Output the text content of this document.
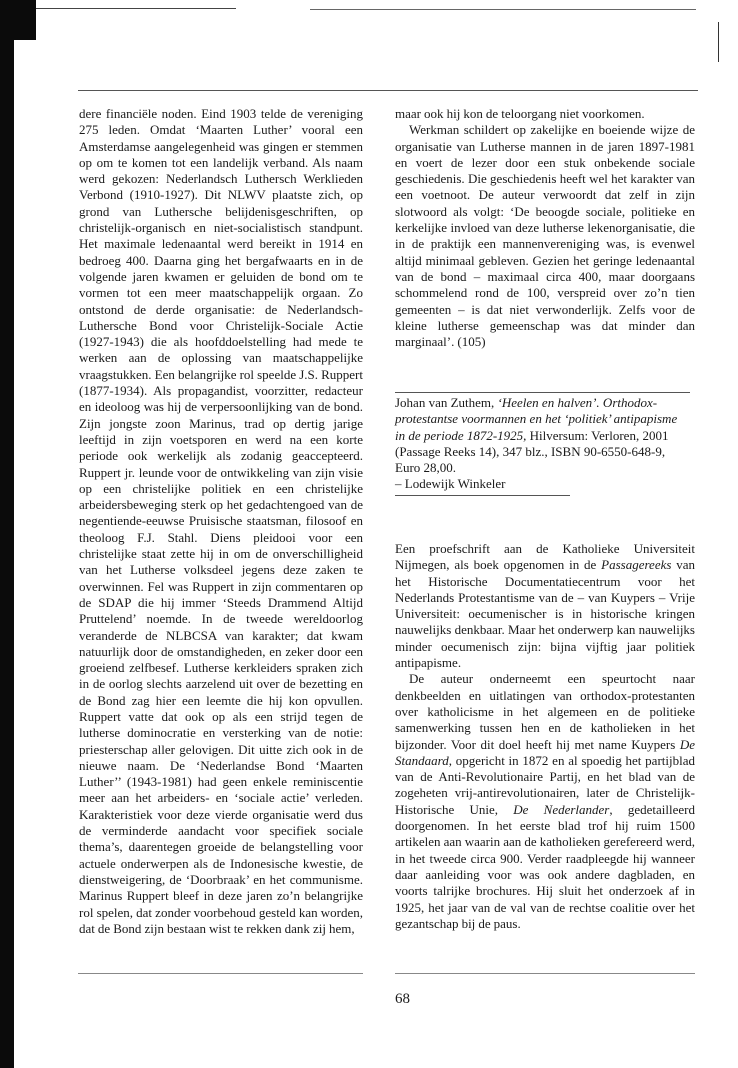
dere financiële noden. Eind 1903 telde de vereniging 275 leden. Omdat ‘Maarten Luther’ vooral een Amsterdamse aangelegenheid was gingen er stemmen op om te komen tot een landelijk verband. Als naam werd gekozen: Nederlandsch Luthersch Werklieden Verbond (1910-1927). Dit NLWV plaatste zich, op grond van Luthersche belijdenisgeschriften, op christelijk-organisch en niet-socialistisch standpunt. Het maximale ledenaantal werd bereikt in 1914 en bedroeg 400. Daarna ging het bergafwaarts en in de volgende jaren kwamen er geluiden de bond om te vormen tot een meer maatschappelijk orgaan. Zo ontstond de derde organisatie: de Nederlandsch-Luthersche Bond voor Christelijk-Sociale Actie (1927-1943) die als hoofddoelstelling had mede te werken aan de oplossing van maatschappelijke vraagstukken. Een belangrijke rol speelde J.S. Ruppert (1877-1934). Als propagandist, voorzitter, redacteur en ideoloog was hij de verpersoonlijking van de bond. Zijn jongste zoon Marinus, trad op dertig jarige leeftijd in zijn voetsporen en werd na een korte periode ook werkelijk als zodanig geaccepteerd. Ruppert jr. leunde voor de ontwikkeling van zijn visie op een christelijke politiek en een christelijke arbeidersbeweging sterk op het gedachtengoed van de negentiende-eeuwse Pruisische staatsman, filosoof en theoloog F.J. Stahl. Diens pleidooi voor een christelijke staat zette hij in om de onverschilligheid van het Lutherse volksdeel jegens deze zaken te overwinnen. Fel was Ruppert in zijn commentaren op de SDAP die hij immer ‘Steeds Drammend Altijd Pruttelend’ noemde. In de tweede wereldoorlog veranderde de NLBCSA van karakter; dat kwam natuurlijk door de omstandigheden, en zeker door een groeiend zelfbesef. Lutherse kerkleiders spraken zich in de oorlog slechts aarzelend uit over de bezetting en de Bond zag hier een leemte die hij kon opvullen. Ruppert vatte dat ook op als een strijd tegen de lutherse dominocratie en versterking van de notie: priesterschap aller gelovigen. Dit uitte zich ook in de nieuwe naam. De ‘Nederlandse Bond ‘Maarten Luther’’ (1943-1981) had geen enkele reminiscentie meer aan het arbeiders- en ‘sociale actie’ verleden. Karakteristiek voor deze vierde organisatie werd dus de verminderde aandacht voor specifiek sociale thema’s, daarentegen groeide de belangstelling voor actuele onderwerpen als de Indonesische kwestie, de dienstweigering, de ‘Doorbraak’ en het communisme. Marinus Ruppert bleef in deze jaren zo’n belangrijke rol spelen, dat zonder voorbehoud gesteld kan worden, dat de Bond zijn bestaan wist te rekken dank zij hem,

maar ook hij kon de teloorgang niet voorkomen.

Werkman schildert op zakelijke en boeiende wijze de organisatie van Lutherse mannen in de jaren 1897-1981 en voert de lezer door een stuk onbekende sociale geschiedenis. Die geschiedenis heeft wel het karakter van een voetnoot. De auteur verwoordt dat zelf in zijn slotwoord als volgt: ‘De beoogde sociale, politieke en kerkelijke invloed van deze lutherse lekenorganisatie, die in de praktijk een mannenvereniging was, is evenwel altijd minimaal gebleven. Gezien het geringe ledenaantal van de bond – maximaal circa 400, maar doorgaans schommelend rond de 100, verspreid over zo’n tien gemeenten – is dat niet verwonderlijk. Zelfs voor de kleine lutherse gemeenschap was dat minder dan marginaal’. (105)

Johan van Zuthem, ‘Heelen en halven’. Orthodox-protestantse voormannen en het ‘politiek’ antipapisme in de periode 1872-1925, Hilversum: Verloren, 2001 (Passage Reeks 14), 347 blz., ISBN 90-6550-648-9, Euro 28,00.
– Lodewijk Winkeler

Een proefschrift aan de Katholieke Universiteit Nijmegen, als boek opgenomen in de Passagereeks van het Historische Documentatiecentrum voor het Nederlands Protestantisme van de – van Kuypers – Vrije Universiteit: oecumenischer is in historische kringen nauwelijks denkbaar. Maar het onderwerp kan nauwelijks minder oecumenisch zijn: bijna vijftig jaar politiek antipapisme.

De auteur onderneemt een speurtocht naar denkbeelden en uitlatingen van orthodox-protestanten over katholicisme in het algemeen en de politieke samenwerking tussen hen en de katholieken in het bijzonder. Voor dit doel heeft hij met name Kuypers De Standaard, opgericht in 1872 en al spoedig het partijblad van de Anti-Revolutionaire Partij, en het blad van de zogeheten vrij-antirevolutionairen, later de Christelijk-Historische Unie, De Nederlander, gedetailleerd doorgenomen. In het eerste blad trof hij ruim 1500 artikelen aan waarin aan de katholieken gerefereerd werd, in het tweede circa 900. Verder raadpleegde hij wanneer daar aanleiding voor was ook andere dagbladen, en voorts talrijke brochures. Hij sluit het onderzoek af in 1925, het jaar van de val van de rechtse coalitie over het gezantschap bij de paus.

68
